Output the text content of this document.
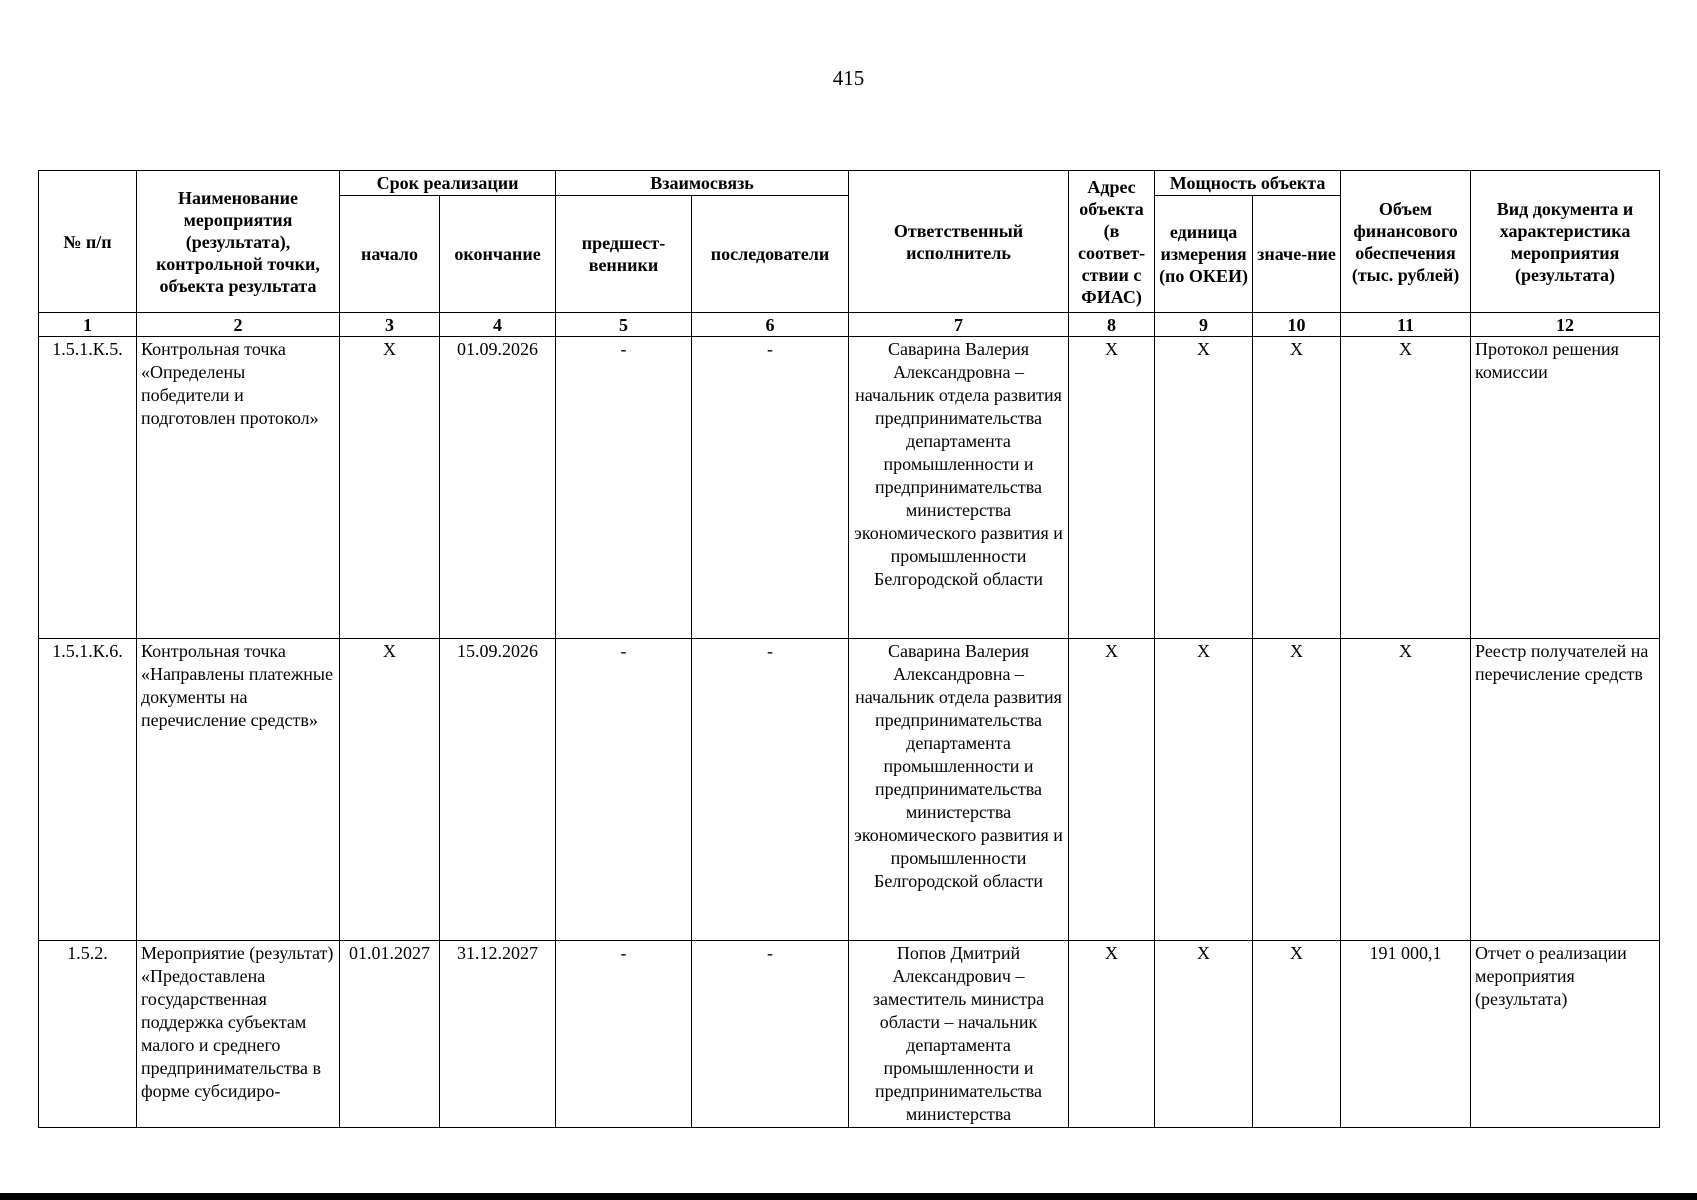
415
№ п/п	Наименование мероприятия (результата), контрольной точки, объекта результата	Срок реализации		Взаимосвязь		Ответственный исполнитель	Адрес объекта (в соответ-ствии с ФИАС)	Мощность объекта		Объем финансового обеспечения (тыс. рублей)	Вид документа и характеристика мероприятия (результата)
		начало	окончание	предшест-венники	последователи			единица измерения (по ОКЕИ)	значе-ние		
1	2	3	4	5	6	7	8	9	10	11	12
1.5.1.К.5.	Контрольная точка «Определены победители и подготовлен протокол»	X	01.09.2026	-	-	Саварина Валерия Александровна – начальник отдела развития предпринимательства департамента промышленности и предпринимательства министерства экономического развития и промышленности Белгородской области	X	X	X	X	Протокол решения комиссии
1.5.1.К.6.	Контрольная точка «Направлены платежные документы на перечисление средств»	X	15.09.2026	-	-	Саварина Валерия Александровна – начальник отдела развития предпринимательства департамента промышленности и предпринимательства министерства экономического развития и промышленности Белгородской области	X	X	X	X	Реестр получателей на перечисление средств
1.5.2.	Мероприятие (результат) «Предоставлена государственная поддержка субъектам малого и среднего предпринимательства в форме субсидиро-	01.01.2027	31.12.2027	-	-	Попов Дмитрий Александрович – заместитель министра области – начальник департамента промышленности и предпринимательства министерства	X	X	X	191 000,1	Отчет о реализации мероприятия (результата)
